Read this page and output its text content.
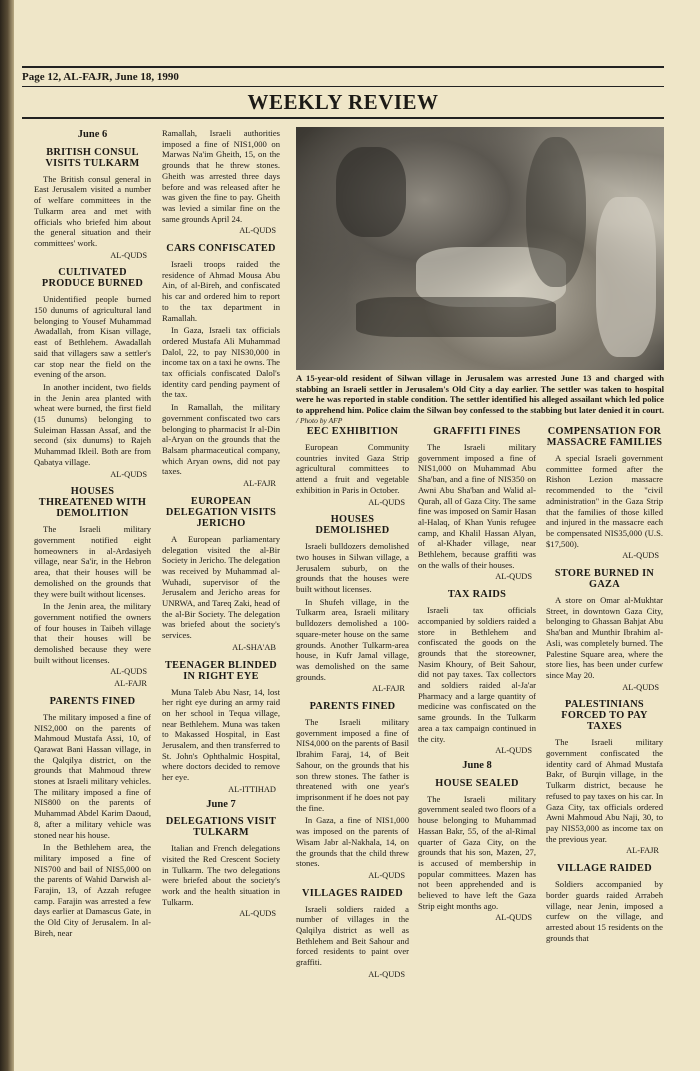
Page 12, AL-FAJR, June 18, 1990
WEEKLY REVIEW
June 6
BRITISH CONSUL VISITS TULKARM

The British consul general in East Jerusalem visited a number of welfare committees in the Tulkarm area and met with officials who briefed him about the general situation and their committees' work.

AL-QUDS
CULTIVATED PRODUCE BURNED

Unidentified people burned 150 dunums of agricultural land belonging to Yousef Muhammad Awadallah, from Kisan village, east of Bethlehem. Awadallah said that villagers saw a settler's car stop near the field on the evening of the arson.

In another incident, two fields in the Jenin area planted with wheat were burned, the first field (15 dunums) belonging to Suleiman Hassan Assaf, and the second (six dunums) to Rajeh Muhammad Ikleil. Both are from Qabatya village.

AL-QUDS
HOUSES THREATENED WITH DEMOLITION

The Israeli military government notified eight homeowners in al-Ardasiyeh village, near Sa'ir, in the Hebron area, that their houses will be demolished on the grounds that they were built without licenses.

In the Jenin area, the military government notified the owners of four houses in Taibeh village that their houses will be demolished because they were built without licenses.

AL-QUDS
AL-FAJR
PARENTS FINED

The military imposed a fine of NIS2,000 on the parents of Mahmoud Mustafa Assi, 10, of Qarawat Bani Hassan village, in the Qalqilya district, on the grounds that Mahmoud threw stones at Israeli military vehicles. The military imposed a fine of NIS800 on the parents of Muhammad Abdel Karim Daoud, 8, after a military vehicle was stoned near his house.

In the Bethlehem area, the military imposed a fine of NIS700 and bail of NIS5,000 on the parents of Wahid Darwish al-Farajin, 13, of Azzah refugee camp. Farajin was arrested a few days earlier at Damascus Gate, in the Old City of Jerusalem. In al-Bireh, near

Ramallah, Israeli authorities imposed a fine of NIS1,000 on Marwas Na'im Gheith, 15, on the grounds that he threw stones. Gheith was arrested three days before and was released after he was given the fine to pay. Gheith was levied a similar fine on the same grounds April 24.

AL-QUDS
CARS CONFISCATED

Israeli troops raided the residence of Ahmad Mousa Abu Ain, of al-Bireh, and confiscated his car and ordered him to report to the tax department in Ramallah.

In Gaza, Israeli tax officials ordered Mustafa Ali Muhammad Dalol, 22, to pay NIS30,000 in income tax on a taxi he owns. The tax officials confiscated Dalol's identity card pending payment of the tax.

In Ramallah, the military government confiscated two cars belonging to pharmacist Ir al-Din al-Aryan on the grounds that the Balsam pharmaceutical company, which Aryan owns, did not pay taxes.

AL-FAJR
EUROPEAN DELEGATION VISITS JERICHO

A European parliamentary delegation visited the al-Bir Society in Jericho. The delegation was received by Muhammad al-Wuhadi, supervisor of the Jerusalem and Jericho areas for UNRWA, and Tareq Zaki, head of the al-Bir Society. The delegation was briefed about the society's services.

AL-SHA'AB
TEENAGER BLINDED IN RIGHT EYE

Muna Taleb Abu Nasr, 14, lost her right eye during an army raid on her school in Tequa village, near Bethlehem. Muna was taken to Makassed Hospital, in East Jerusalem, and then transferred to St. John's Ophthalmic Hospital, where doctors decided to remove her eye.

AL-ITTIHAD
June 7
DELEGATIONS VISIT TULKARM

Italian and French delegations visited the Red Crescent Society in Tulkarm. The two delegations were briefed about the society's work and the health situation in Tulkarm.

AL-QUDS
A 15-year-old resident of Silwan village in Jerusalem was arrested June 13 and charged with stabbing an Israeli settler in Jerusalem's Old City a day earlier. The settler was taken to hospital were he was reported in stable condition. The settler identified his alleged assailant which led police to apprehend him. Police claim the Silwan boy confessed to the stabbing but later denied it in court. / Photo by AFP
EEC EXHIBITION

European Community countries invited Gaza Strip agricultural committees to attend a fruit and vegetable exhibition in Paris in October.

AL-QUDS
HOUSES DEMOLISHED

Israeli bulldozers demolished two houses in Silwan village, a Jerusalem suburb, on the grounds that the houses were built without licenses.

In Shufeh village, in the Tulkarm area, Israeli military bulldozers demolished a 100-square-meter house on the same grounds. Another Tulkarm-area house, in Kufr Jamal village, was demolished on the same grounds.

AL-FAJR
PARENTS FINED

The Israeli military government imposed a fine of NIS4,000 on the parents of Basil Ibrahim Faraj, 14, of Beit Sahour, on the grounds that his son threw stones. The father is threatened with one year's imprisonment if he does not pay the fine.

In Gaza, a fine of NIS1,000 was imposed on the parents of Wisam Jabr al-Nakhala, 14, on the grounds that the child threw stones.

AL-QUDS
VILLAGES RAIDED

Israeli soldiers raided a number of villages in the Qalqilya district as well as Bethlehem and Beit Sahour and forced residents to paint over graffiti.

AL-QUDS
GRAFFITI FINES

The Israeli military government imposed a fine of NIS1,000 on Muhammad Abu Sha'ban, and a fine of NIS350 on Awni Abu Sha'ban and Walid al-Qurah, all of Gaza City. The same fine was imposed on Samir Hasan al-Halaq, of Khan Yunis refugee camp, and Khalil Hassan Alyan, of al-Khader village, near Bethlehem, because graffiti was on the walls of their houses.

AL-QUDS
TAX RAIDS

Israeli tax officials accompanied by soldiers raided a store in Bethlehem and confiscated the goods on the grounds that the storeowner, Nasim Khoury, of Beit Sahour, did not pay taxes. Tax collectors and soldiers raided al-Ja'ar Pharmacy and a large quantity of medicine was confiscated on the same grounds. In the Tulkarm area a tax campaign continued in the city.

AL-QUDS
June 8
HOUSE SEALED

The Israeli military government sealed two floors of a house belonging to Muhammad Hassan Bakr, 55, of the al-Rimal quarter of Gaza City, on the grounds that his son, Mazen, 27, is accused of membership in popular committees. Mazen has not been apprehended and is believed to have left the Gaza Strip eight months ago.

AL-QUDS
COMPENSATION FOR MASSACRE FAMILIES

A special Israeli government committee formed after the Rishon Lezion massacre recommended to the "civil administration" in the Gaza Strip that the families of those killed and injured in the massacre each be compensated NIS35,000 (U.S. $17,500).

AL-QUDS
STORE BURNED IN GAZA

A store on Omar al-Mukhtar Street, in downtown Gaza City, belonging to Ghassan Bahjat Abu Sha'ban and Munthir Ibrahim al-Asli, was completely burned. The Palestine Square area, where the store lies, has been under curfew since May 20.

AL-QUDS
PALESTINIANS FORCED TO PAY TAXES

The Israeli military government confiscated the identity card of Ahmad Mustafa Bakr, of Burqin village, in the Tulkarm district, because he refused to pay taxes on his car. In Gaza City, tax officials ordered Awni Mahmoud Abu Naji, 30, to pay NIS53,000 as income tax on the previous year.

AL-FAJR
VILLAGE RAIDED

Soldiers accompanied by border guards raided Arrabeh village, near Jenin, imposed a curfew on the village, and arrested about 15 residents on the grounds that
